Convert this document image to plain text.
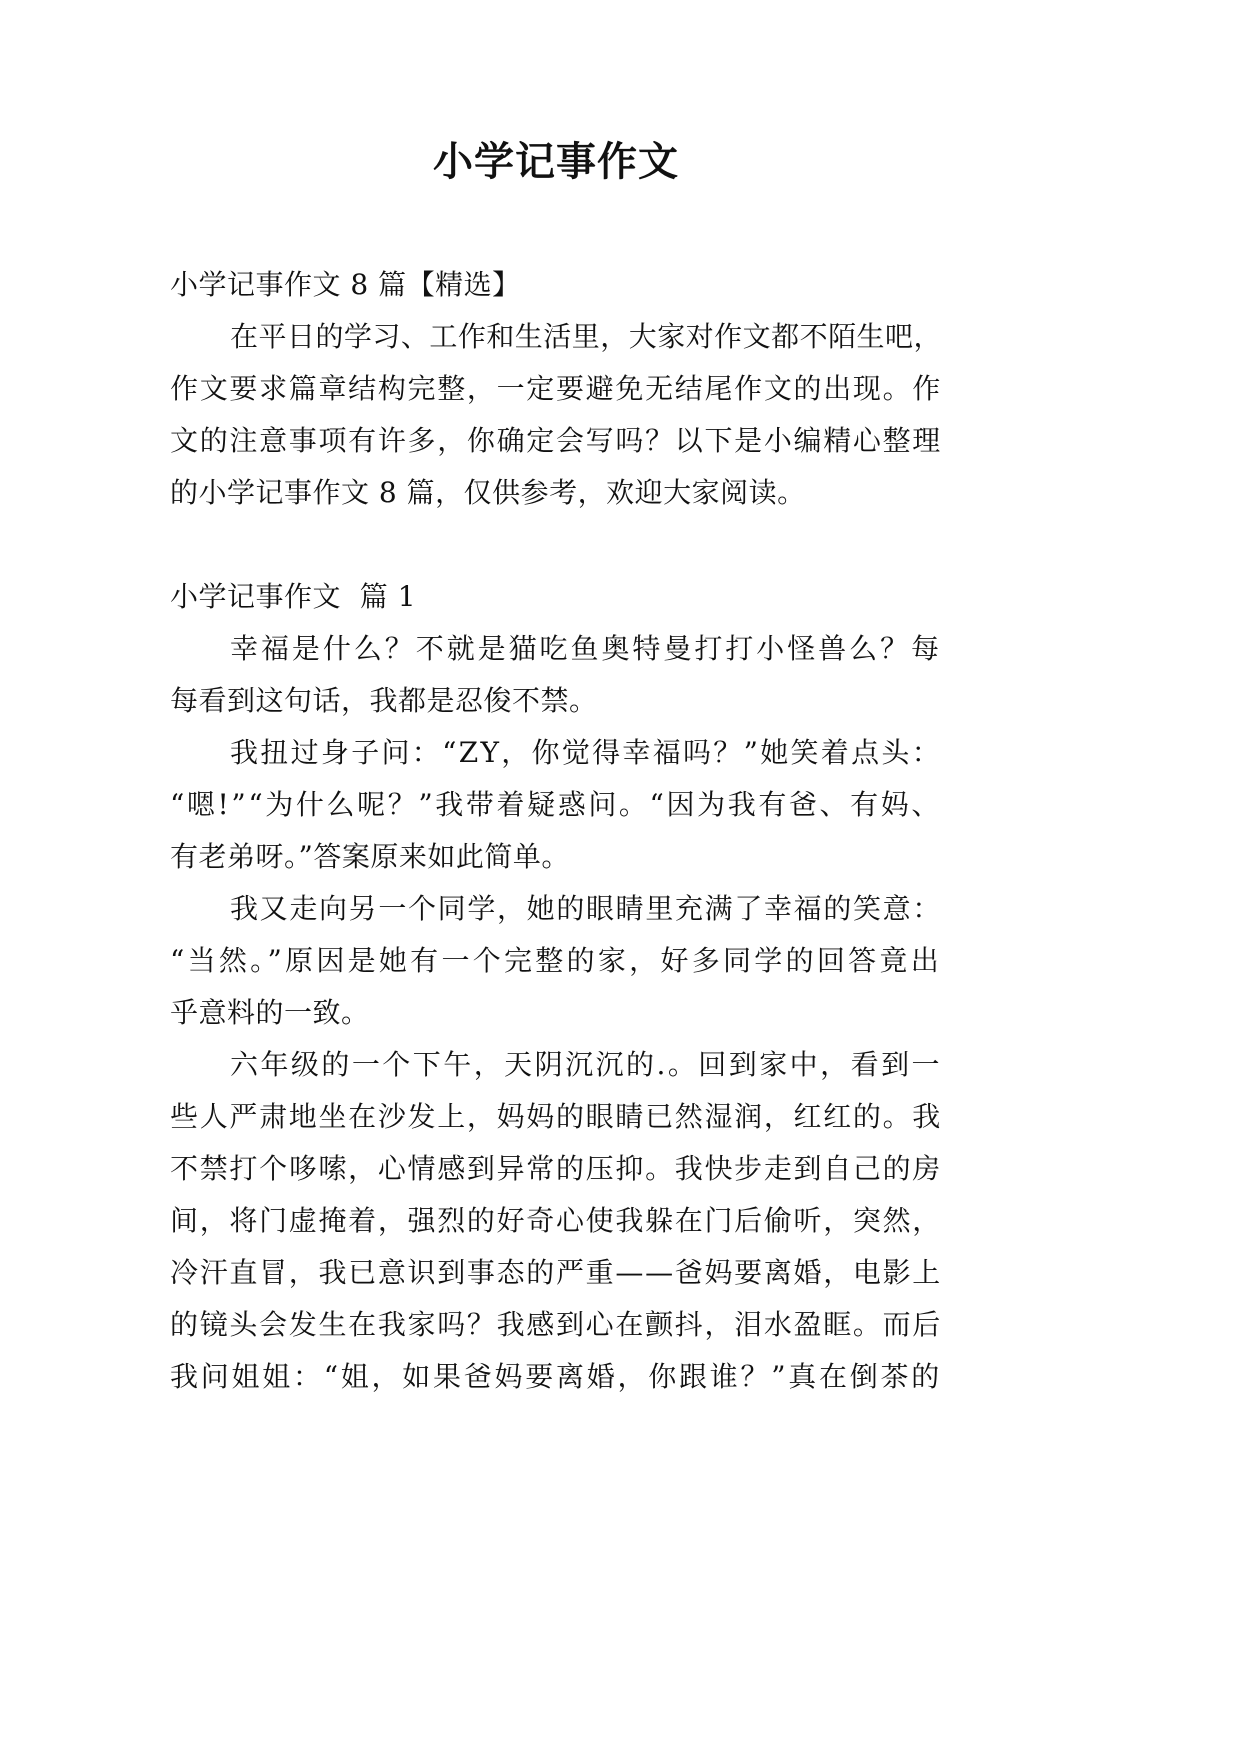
小学记事作文
小学记事作文 8 篇【精选】
在平日的学习、工作和生活里，大家对作文都不陌生吧，
作文要求篇章结构完整，一定要避免无结尾作文的出现。作
文的注意事项有许多，你确定会写吗？以下是小编精心整理
的小学记事作文 8 篇，仅供参考，欢迎大家阅读。
小学记事作文  篇 1
幸福是什么？不就是猫吃鱼奥特曼打打小怪兽么？每
每看到这句话，我都是忍俊不禁。
我扭过身子问：“ZY，你觉得幸福吗？”她笑着点头：
“嗯!”“为什么呢？”我带着疑惑问。“因为我有爸、有妈、
有老弟呀。”答案原来如此简单。
我又走向另一个同学，她的眼睛里充满了幸福的笑意：
“当然。”原因是她有一个完整的家，好多同学的回答竟出
乎意料的一致。
六年级的一个下午，天阴沉沉的.。回到家中，看到一
些人严肃地坐在沙发上，妈妈的眼睛已然湿润，红红的。我
不禁打个哆嗦，心情感到异常的压抑。我快步走到自己的房
间，将门虚掩着，强烈的好奇心使我躲在门后偷听，突然，
冷汗直冒，我已意识到事态的严重——爸妈要离婚，电影上
的镜头会发生在我家吗？我感到心在颤抖，泪水盈眶。而后
我问姐姐：“姐，如果爸妈要离婚，你跟谁？”真在倒茶的
